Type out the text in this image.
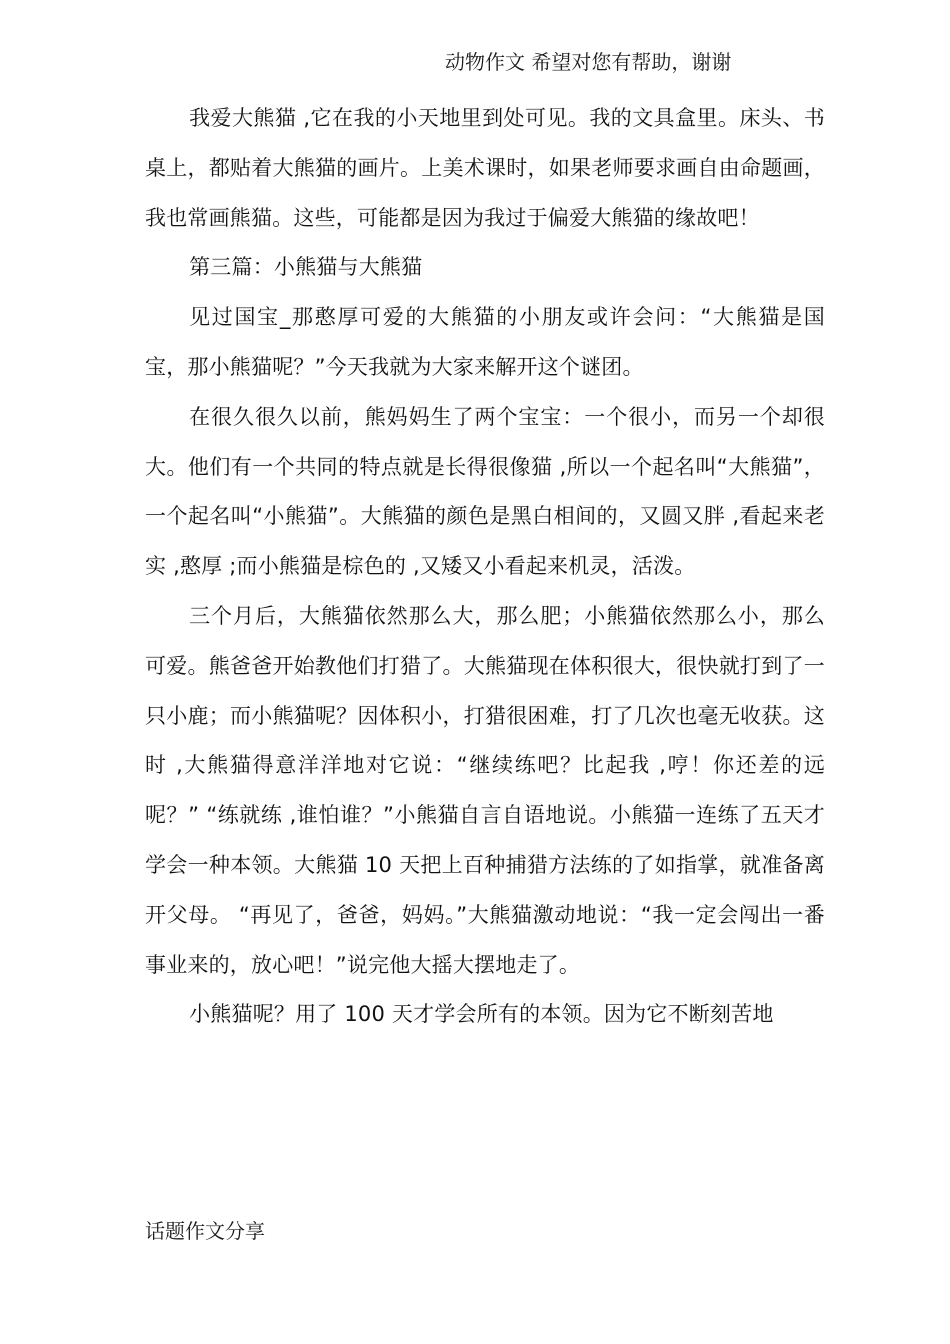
动物作文 希望对您有帮助，谢谢

我爱大熊猫 ,它在我的小天地里到处可见。我的文具盒里。床头、书桌上，都贴着大熊猫的画片。上美术课时，如果老师要求画自由命题画，我也常画熊猫。这些，可能都是因为我过于偏爱大熊猫的缘故吧！

第三篇：小熊猫与大熊猫

见过国宝_那憨厚可爱的大熊猫的小朋友或许会问：“大熊猫是国宝，那小熊猫呢？”今天我就为大家来解开这个谜团。

在很久很久以前，熊妈妈生了两个宝宝：一个很小，而另一个却很大。他们有一个共同的特点就是长得很像猫 ,所以一个起名叫“大熊猫”，一个起名叫“小熊猫”。大熊猫的颜色是黑白相间的，又圆又胖 ,看起来老实 ,憨厚 ;而小熊猫是棕色的 ,又矮又小看起来机灵，活泼。

三个月后，大熊猫依然那么大，那么肥；小熊猫依然那么小，那么可爱。熊爸爸开始教他们打猎了。大熊猫现在体积很大，很快就打到了一只小鹿；而小熊猫呢？因体积小，打猎很困难，打了几次也毫无收获。这时 ,大熊猫得意洋洋地对它说：“继续练吧？比起我 ,哼！你还差的远呢？” “练就练 ,谁怕谁？”小熊猫自言自语地说。小熊猫一连练了五天才学会一种本领。大熊猫 10 天把上百种捕猎方法练的了如指掌，就准备离开父母。 “再见了，爸爸，妈妈。”大熊猫激动地说：“我一定会闯出一番事业来的，放心吧！”说完他大摇大摆地走了。

小熊猫呢？用了 100 天才学会所有的本领。因为它不断刻苦地

话题作文分享
